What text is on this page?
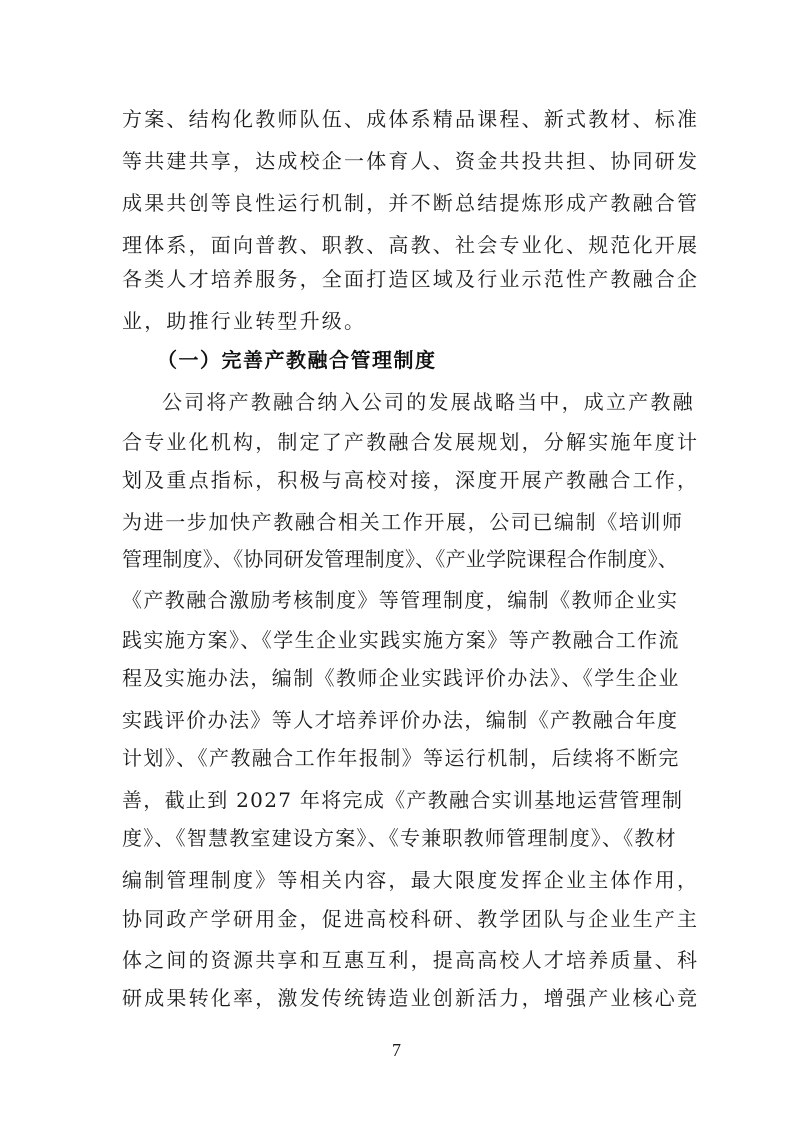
方案、结构化教师队伍、成体系精品课程、新式教材、标准
等共建共享，达成校企一体育人、资金共投共担、协同研发
成果共创等良性运行机制，并不断总结提炼形成产教融合管
理体系，面向普教、职教、高教、社会专业化、规范化开展
各类人才培养服务，全面打造区域及行业示范性产教融合企
业，助推行业转型升级。
（一）完善产教融合管理制度
公司将产教融合纳入公司的发展战略当中，成立产教融
合专业化机构，制定了产教融合发展规划，分解实施年度计
划及重点指标，积极与高校对接，深度开展产教融合工作，
为进一步加快产教融合相关工作开展，公司已编制《培训师
管理制度》、《协同研发管理制度》、《产业学院课程合作制度》、
《产教融合激励考核制度》等管理制度，编制《教师企业实
践实施方案》、《学生企业实践实施方案》等产教融合工作流
程及实施办法，编制《教师企业实践评价办法》、《学生企业
实践评价办法》等人才培养评价办法，编制《产教融合年度
计划》、《产教融合工作年报制》等运行机制，后续将不断完
善，截止到 2027 年将完成《产教融合实训基地运营管理制
度》、《智慧教室建设方案》、《专兼职教师管理制度》、《教材
编制管理制度》等相关内容，最大限度发挥企业主体作用，
协同政产学研用金，促进高校科研、教学团队与企业生产主
体之间的资源共享和互惠互利，提高高校人才培养质量、科
研成果转化率，激发传统铸造业创新活力，增强产业核心竞
7
